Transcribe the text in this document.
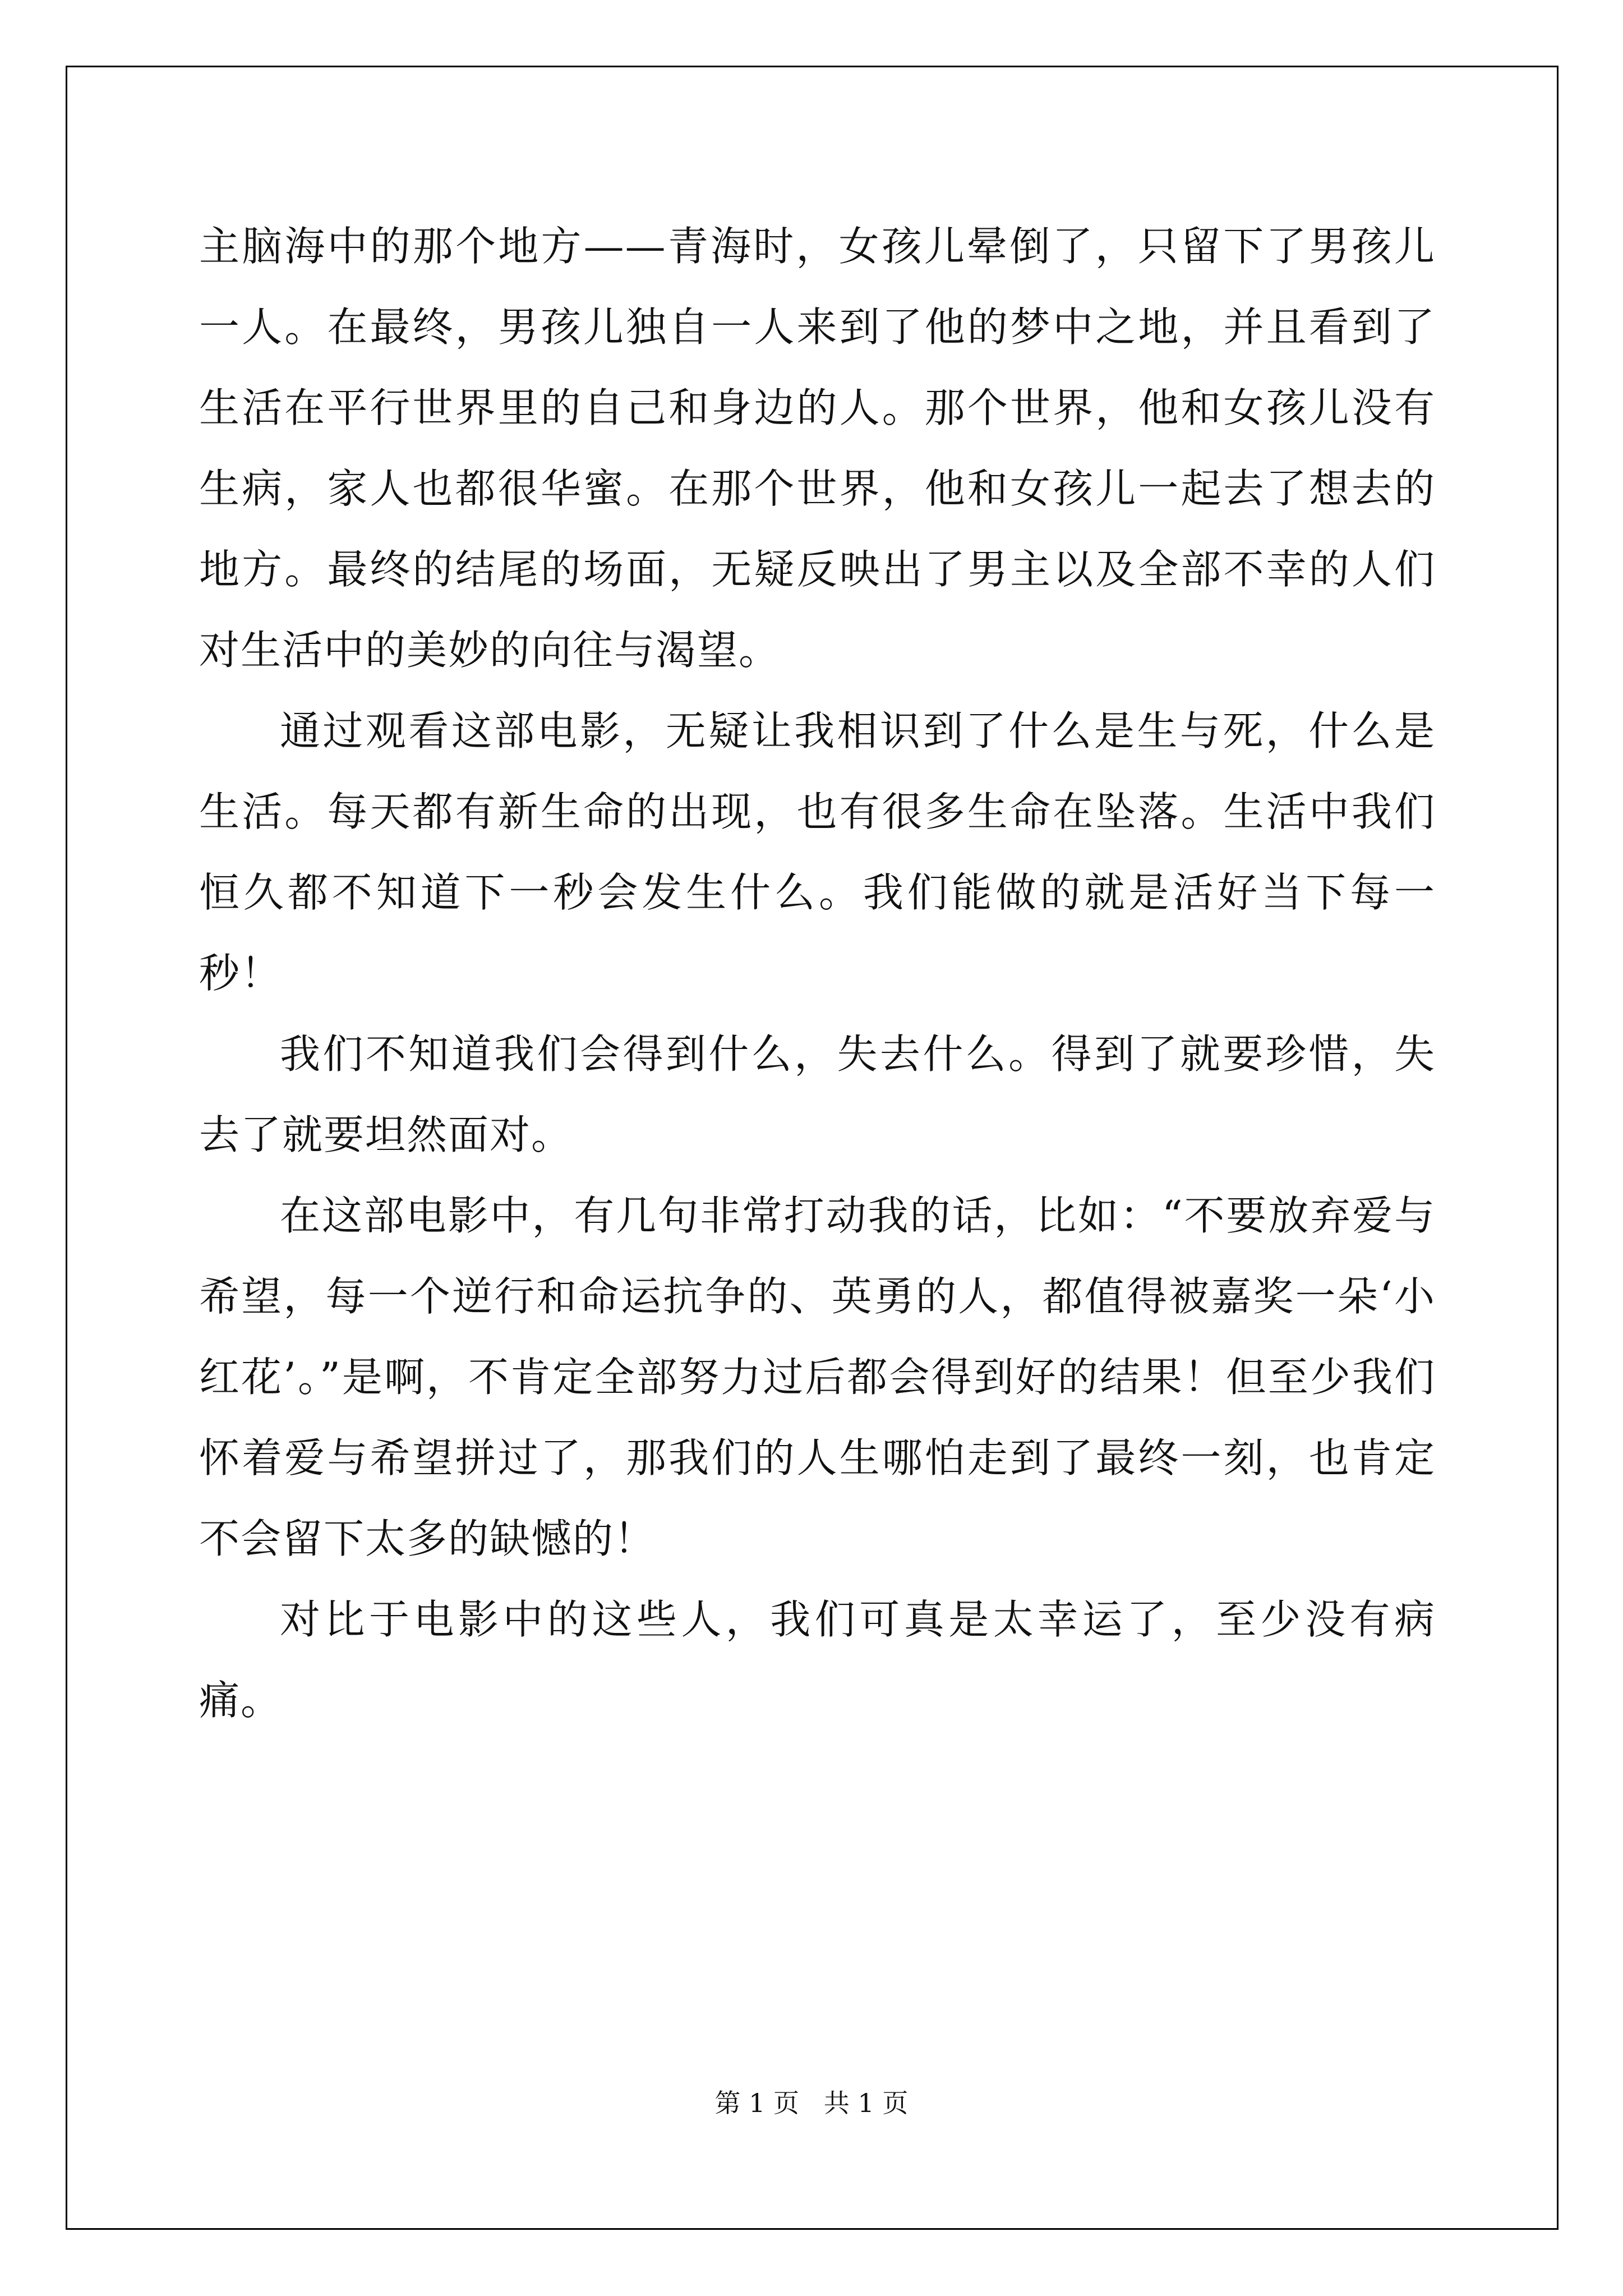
主脑海中的那个地方——青海时，女孩儿晕倒了，只留下了男孩儿一人。在最终，男孩儿独自一人来到了他的梦中之地，并且看到了生活在平行世界里的自己和身边的人。那个世界，他和女孩儿没有生病，家人也都很华蜜。在那个世界，他和女孩儿一起去了想去的地方。最终的结尾的场面，无疑反映出了男主以及全部不幸的人们对生活中的美妙的向往与渴望。

通过观看这部电影，无疑让我相识到了什么是生与死，什么是生活。每天都有新生命的出现，也有很多生命在坠落。生活中我们恒久都不知道下一秒会发生什么。我们能做的就是活好当下每一秒！

我们不知道我们会得到什么，失去什么。得到了就要珍惜，失去了就要坦然面对。

在这部电影中，有几句非常打动我的话，比如：“不要放弃爱与希望，每一个逆行和命运抗争的、英勇的人，都值得被嘉奖一朵‘小红花’。”是啊，不肯定全部努力过后都会得到好的结果！但至少我们怀着爱与希望拼过了，那我们的人生哪怕走到了最终一刻，也肯定不会留下太多的缺憾的！

对比于电影中的这些人，我们可真是太幸运了，至少没有病痛。

第 1 页   共 1 页
